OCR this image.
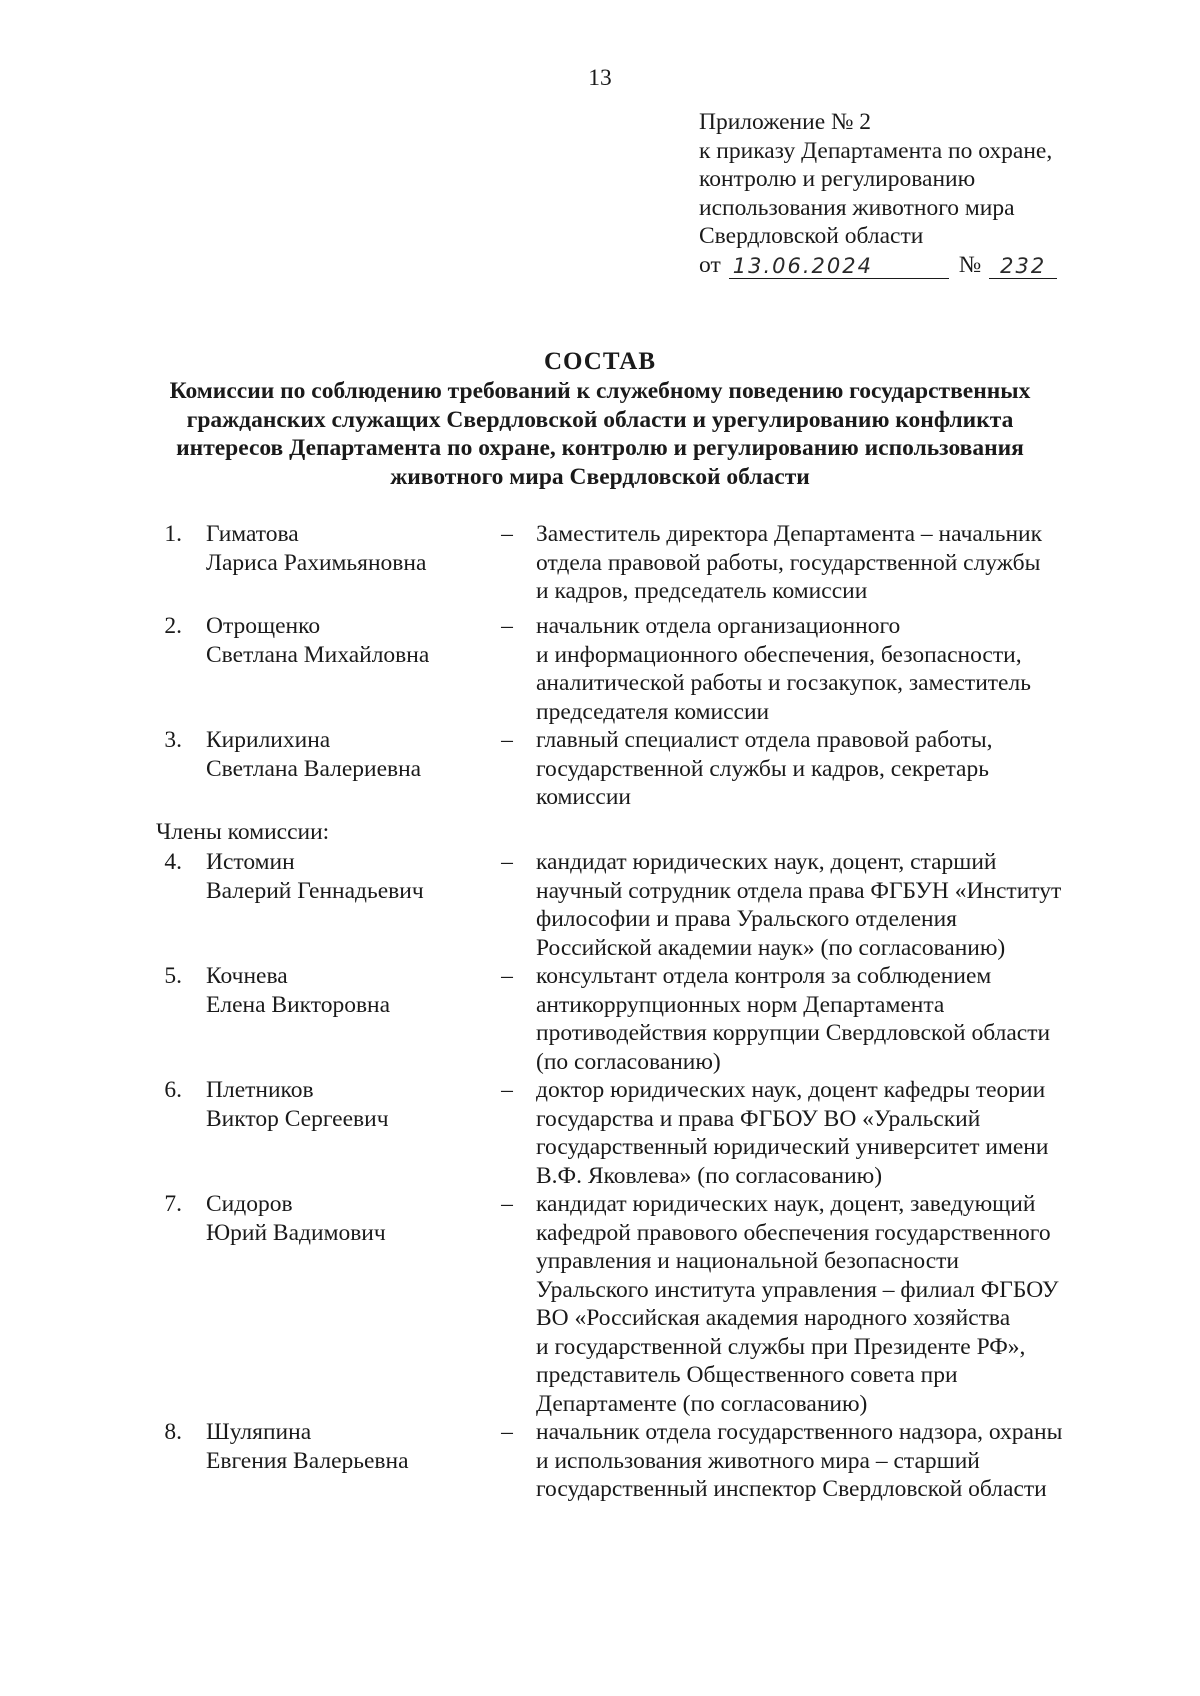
13
Приложение № 2
к приказу Департамента по охране,
контролю и регулированию
использования животного мира
Свердловской области
от 13.06.2024	№ 232
СОСТАВ
Комиссии по соблюдению требований к служебному поведению государственных
гражданских служащих Свердловской области и урегулированию конфликта
интересов Департамента по охране, контролю и регулированию использования
животного мира Свердловской области
Члены комиссии:
1. Гиматова
Лариса Рахимьяновна
– Заместитель директора Департамента – начальник
отдела правовой работы, государственной службы
и кадров, председатель комиссии
2. Отрощенко
Светлана Михайловна
– начальник отдела организационного
и информационного обеспечения, безопасности,
аналитической работы и госзакупок, заместитель
председателя комиссии
3. Кирилихина
Светлана Валериевна
– главный специалист отдела правовой работы,
государственной службы и кадров, секретарь
комиссии
4. Истомин
Валерий Геннадьевич
– кандидат юридических наук, доцент, старший
научный сотрудник отдела права ФГБУН «Институт
философии и права Уральского отделения
Российской академии наук» (по согласованию)
5. Кочнева
Елена Викторовна
– консультант отдела контроля за соблюдением
антикоррупционных норм Департамента
противодействия коррупции Свердловской области
(по согласованию)
6. Плетников
Виктор Сергеевич
– доктор юридических наук, доцент кафедры теории
государства и права ФГБОУ ВО «Уральский
государственный юридический университет имени
В.Ф. Яковлева» (по согласованию)
7. Сидоров
Юрий Вадимович
– кандидат юридических наук, доцент, заведующий
кафедрой правового обеспечения государственного
управления и национальной безопасности
Уральского института управления – филиал ФГБОУ
ВО «Российская академия народного хозяйства
и государственной службы при Президенте РФ»,
представитель Общественного совета при
Департаменте (по согласованию)
8. Шуляпина
Евгения Валерьевна
– начальник отдела государственного надзора, охраны
и использования животного мира – старший
государственный инспектор Свердловской области
